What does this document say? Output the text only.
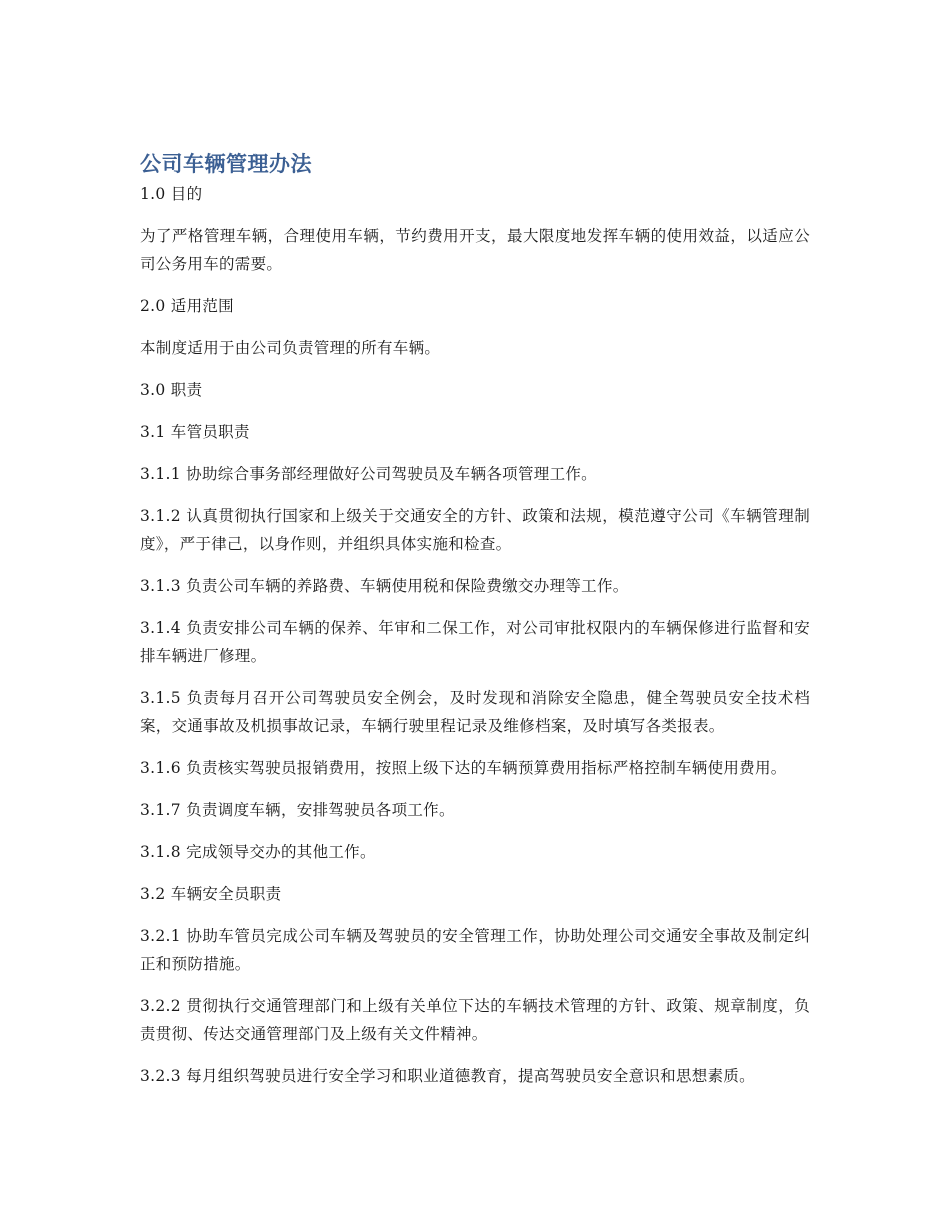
公司车辆管理办法

1.0 目的

为了严格管理车辆，合理使用车辆，节约费用开支，最大限度地发挥车辆的使用效益，以适应公司公务用车的需要。

2.0 适用范围

本制度适用于由公司负责管理的所有车辆。

3.0 职责

3.1 车管员职责

3.1.1 协助综合事务部经理做好公司驾驶员及车辆各项管理工作。

3.1.2 认真贯彻执行国家和上级关于交通安全的方针、政策和法规，模范遵守公司《车辆管理制度》，严于律己，以身作则，并组织具体实施和检查。

3.1.3 负责公司车辆的养路费、车辆使用税和保险费缴交办理等工作。

3.1.4 负责安排公司车辆的保养、年审和二保工作，对公司审批权限内的车辆保修进行监督和安排车辆进厂修理。

3.1.5 负责每月召开公司驾驶员安全例会，及时发现和消除安全隐患，健全驾驶员安全技术档案，交通事故及机损事故记录，车辆行驶里程记录及维修档案，及时填写各类报表。

3.1.6 负责核实驾驶员报销费用，按照上级下达的车辆预算费用指标严格控制车辆使用费用。

3.1.7 负责调度车辆，安排驾驶员各项工作。

3.1.8 完成领导交办的其他工作。

3.2 车辆安全员职责

3.2.1 协助车管员完成公司车辆及驾驶员的安全管理工作，协助处理公司交通安全事故及制定纠正和预防措施。

3.2.2 贯彻执行交通管理部门和上级有关单位下达的车辆技术管理的方针、政策、规章制度，负责贯彻、传达交通管理部门及上级有关文件精神。

3.2.3 每月组织驾驶员进行安全学习和职业道德教育，提高驾驶员安全意识和思想素质。
